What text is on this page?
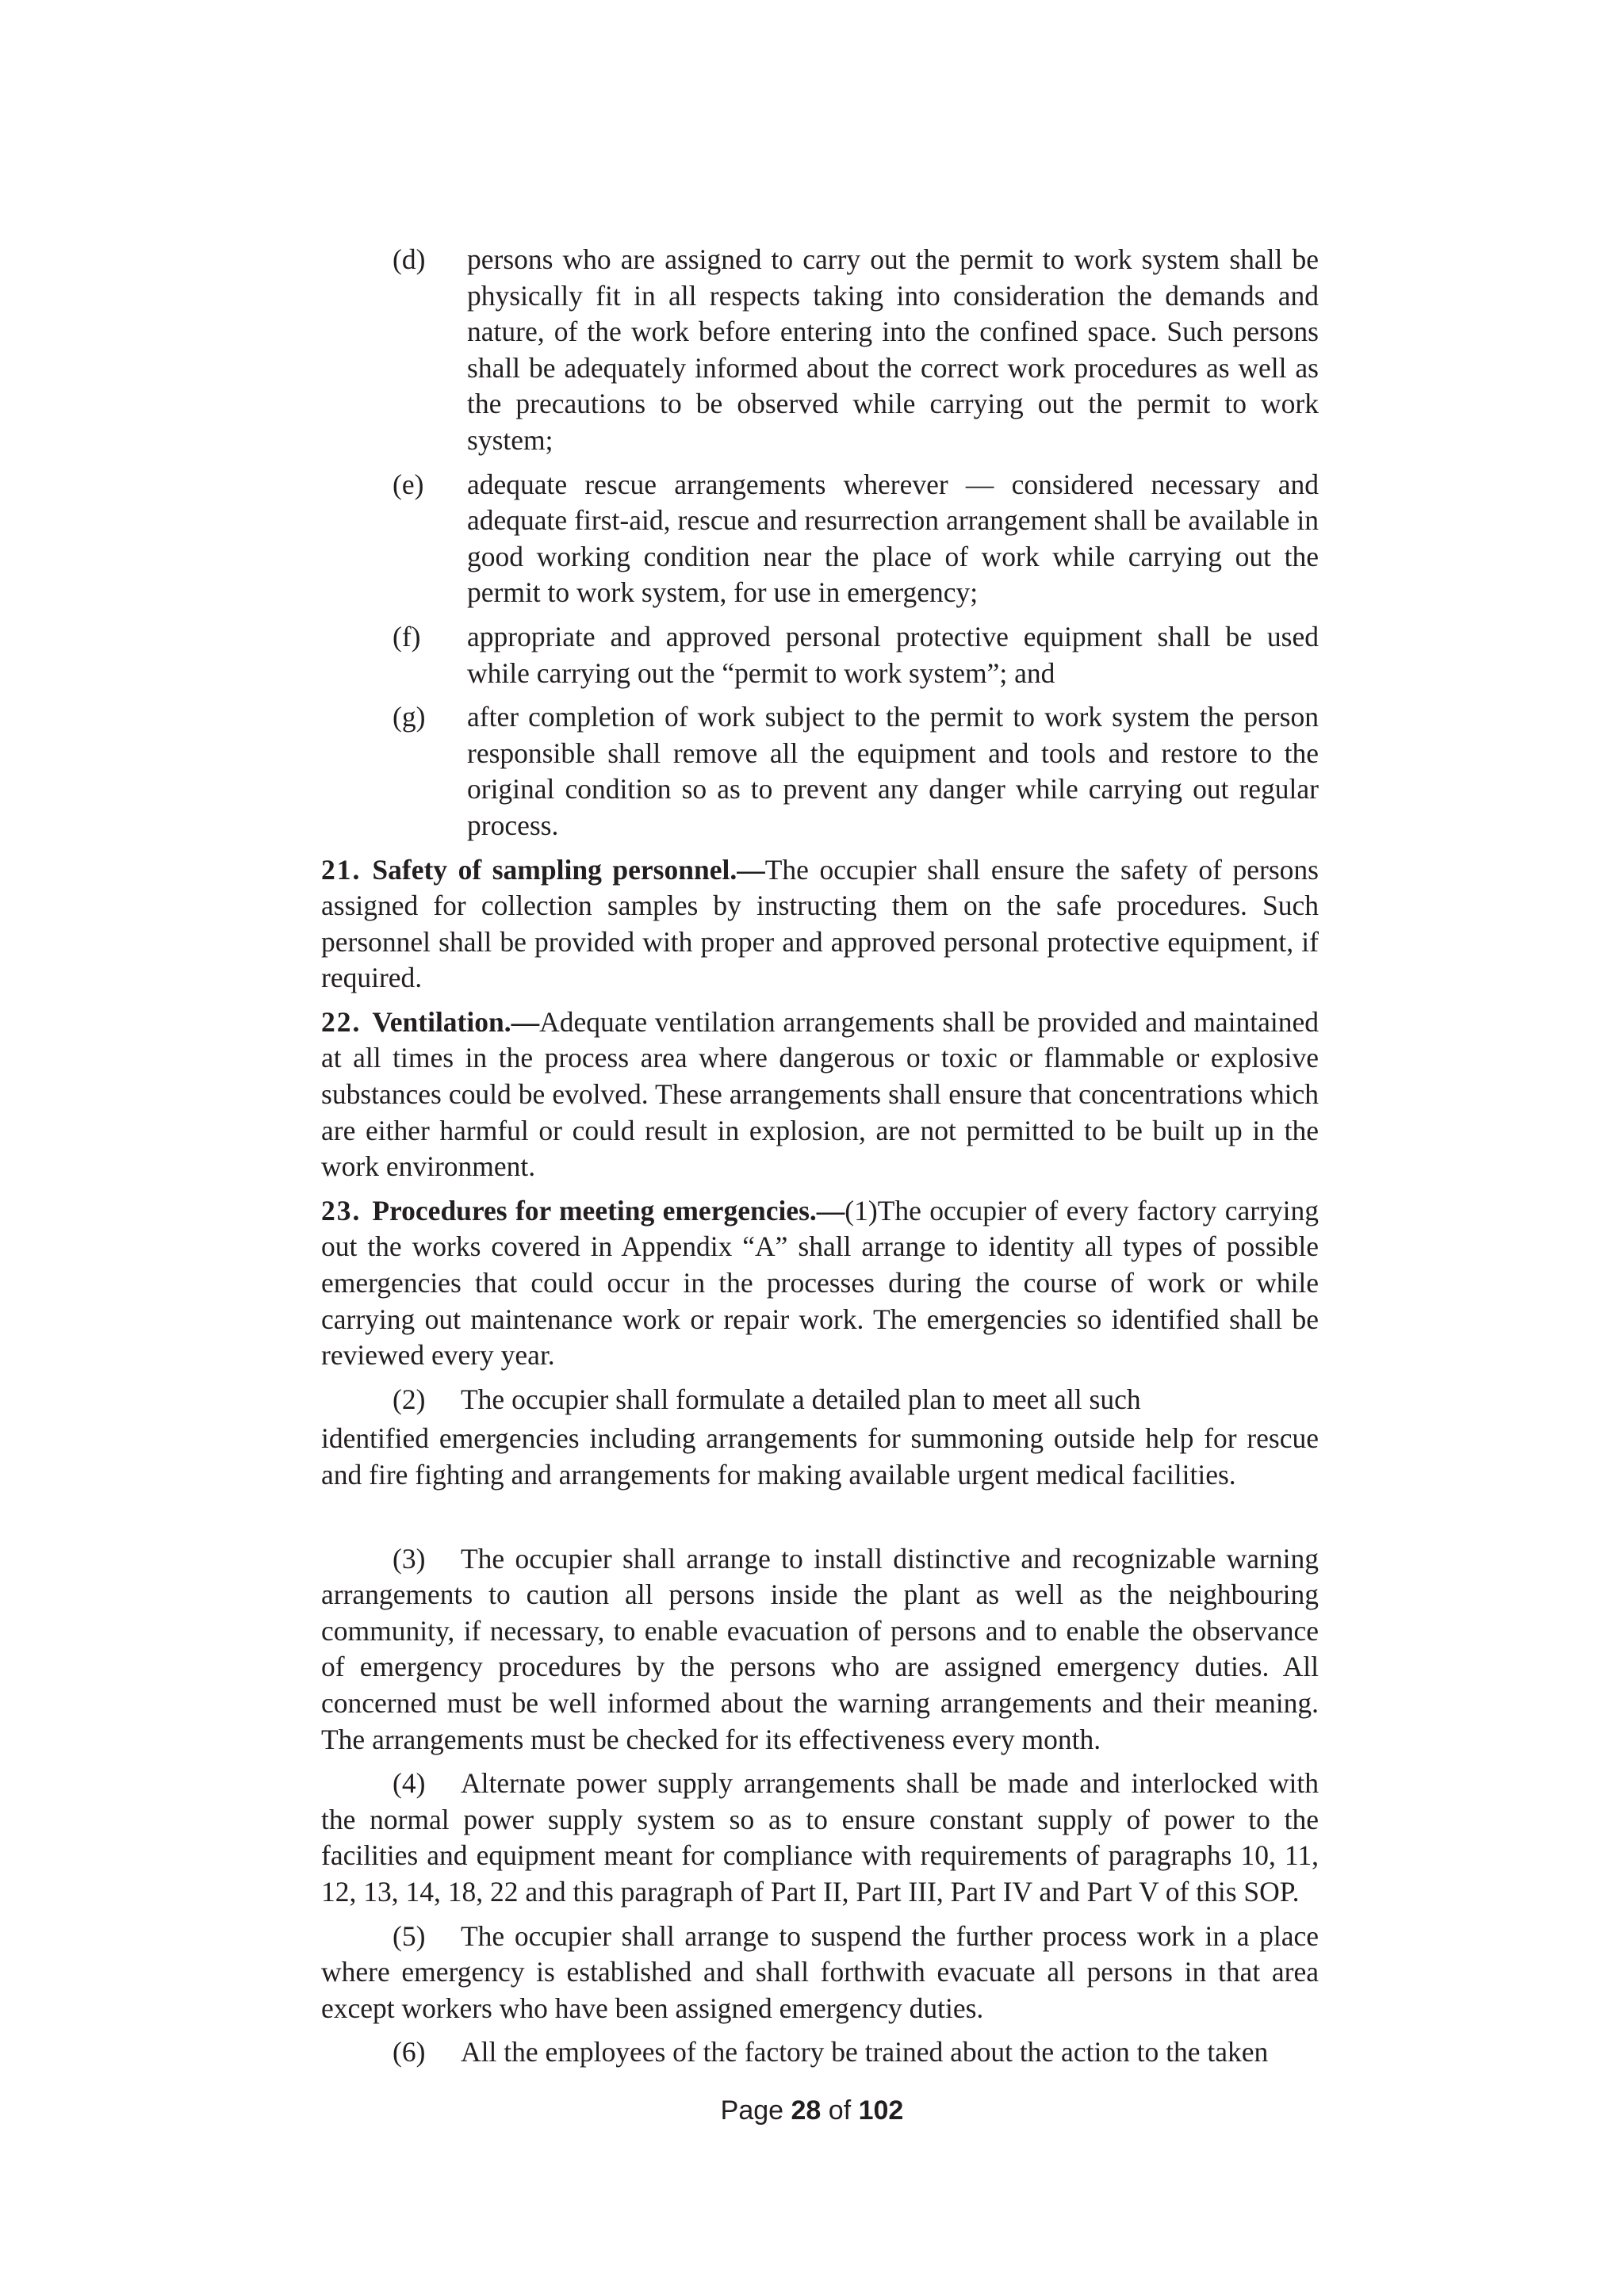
(d)	persons who are assigned to carry out the permit to work system shall be physically fit in all respects taking into consideration the demands and nature, of the work before entering into the confined space. Such persons shall be adequately informed about the correct work procedures as well as the precautions to be observed while carrying out the permit to work system;
(e)	adequate rescue arrangements wherever — considered necessary and adequate first-aid, rescue and resurrection arrangement shall be available in good working condition near the place of work while carrying out the permit to work system, for use in emergency;
(f)	appropriate and approved personal protective equipment shall be used while carrying out the “permit to work system”; and
(g)	after completion of work subject to the permit to work system the person responsible shall remove all the equipment and tools and restore to the original condition so as to prevent any danger while carrying out regular process.
21. Safety of sampling personnel.—The occupier shall ensure the safety of persons assigned for collection samples by instructing them on the safe procedures. Such personnel shall be provided with proper and approved personal protective equipment, if required.
22. Ventilation.—Adequate ventilation arrangements shall be provided and maintained at all times in the process area where dangerous or toxic or flammable or explosive substances could be evolved. These arrangements shall ensure that concentrations which are either harmful or could result in explosion, are not permitted to be built up in the work environment.
23. Procedures for meeting emergencies.—(1)The occupier of every factory carrying out the works covered in Appendix “A” shall arrange to identity all types of possible emergencies that could occur in the processes during the course of work or while carrying out maintenance work or repair work. The emergencies so identified shall be reviewed every year.
(2) The occupier shall formulate a detailed plan to meet all such
identified emergencies including arrangements for summoning outside help for rescue and fire fighting and arrangements for making available urgent medical facilities.
(3) The occupier shall arrange to install distinctive and recognizable warning arrangements to caution all persons inside the plant as well as the neighbouring community, if necessary, to enable evacuation of persons and to enable the observance of emergency procedures by the persons who are assigned emergency duties. All concerned must be well informed about the warning arrangements and their meaning. The arrangements must be checked for its effectiveness every month.
(4) Alternate power supply arrangements shall be made and interlocked with the normal power supply system so as to ensure constant supply of power to the facilities and equipment meant for compliance with requirements of paragraphs 10, 11, 12, 13, 14, 18, 22 and this paragraph of Part II, Part III, Part IV and Part V of this SOP.
(5) The occupier shall arrange to suspend the further process work in a place where emergency is established and shall forthwith evacuate all persons in that area except workers who have been assigned emergency duties.
(6) All the employees of the factory be trained about the action to the taken
Page 28 of 102
